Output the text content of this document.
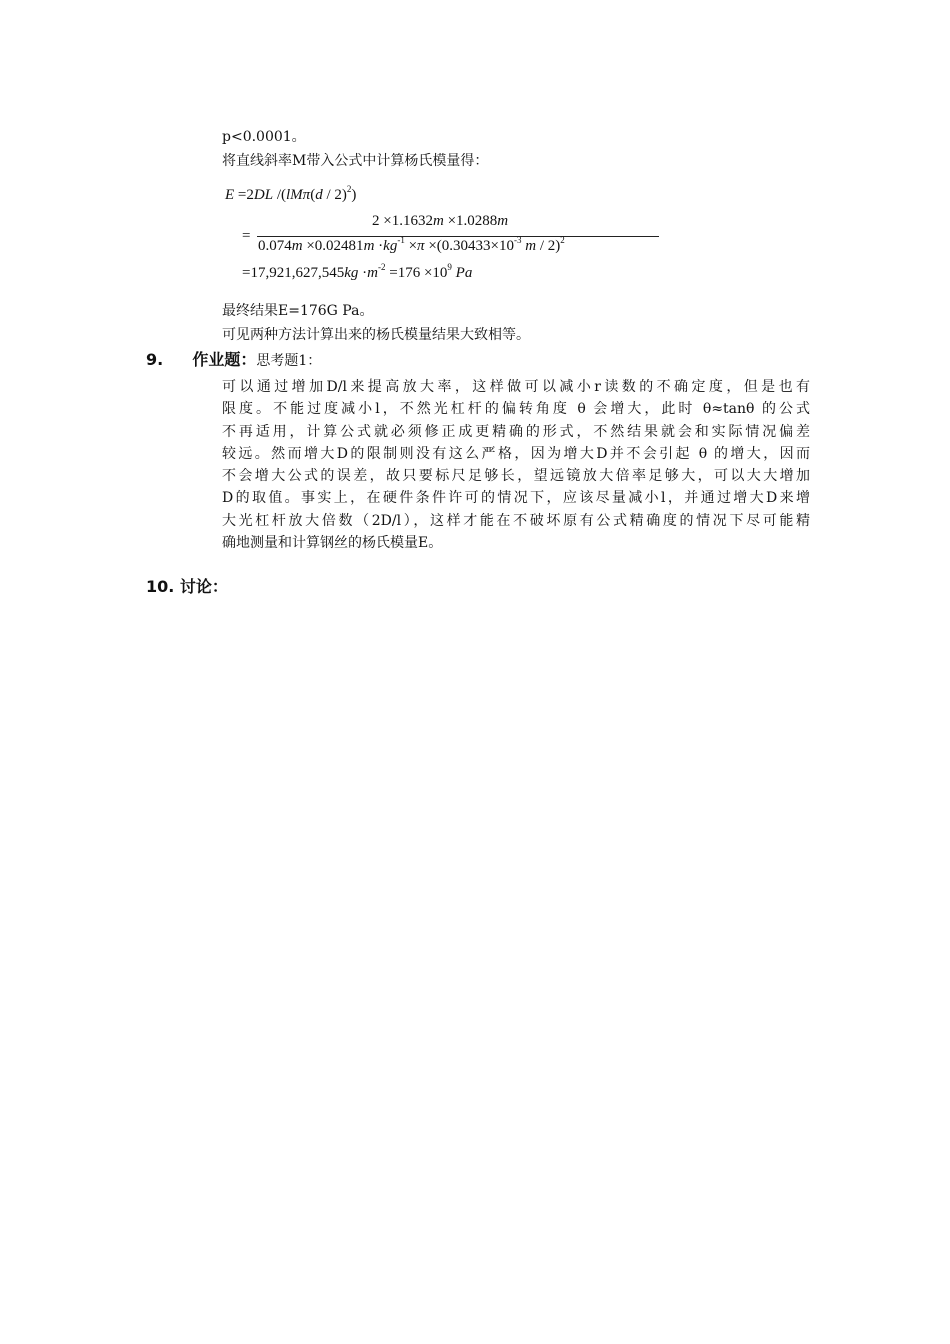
p<0.0001。
将直线斜率M带入公式中计算杨氏模量得：
E =2DL /(lMπ(d / 2)$^2$)
2 ×1.1632m ×1.0288m
=
$0.074m \times 0.02481m \cdot kg^{-1} \times\pi \times(0.30433\times 10^{-3}$ m / 2)$^2$
$=17,921,627,545kg \cdot m^{-2} =176 \times 10^9$ Pa
最终结果E=176G Pa。
可见两种方法计算出来的杨氏模量结果大致相等。
9. 作业题：思考题1：
可以通过增加D/l来提高放大率，这样做可以减小r读数的不确定度，但是也有
限度。不能过度减小l，不然光杠杆的偏转角度 θ 会增大，此时 θ≈tanθ 的公式
不再适用，计算公式就必须修正成更精确的形式，不然结果就会和实际情况偏差
较远。然而增大D的限制则没有这么严格，因为增大D并不会引起 θ 的增大，因而
不会增大公式的误差，故只要标尺足够长，望远镜放大倍率足够大，可以大大增加
D的取值。事实上，在硬件条件许可的情况下，应该尽量减小l，并通过增大D来增
大光杠杆放大倍数（2D/l），这样才能在不破坏原有公式精确度的情况下尽可能精
确地测量和计算钢丝的杨氏模量E。
10. 讨论：
